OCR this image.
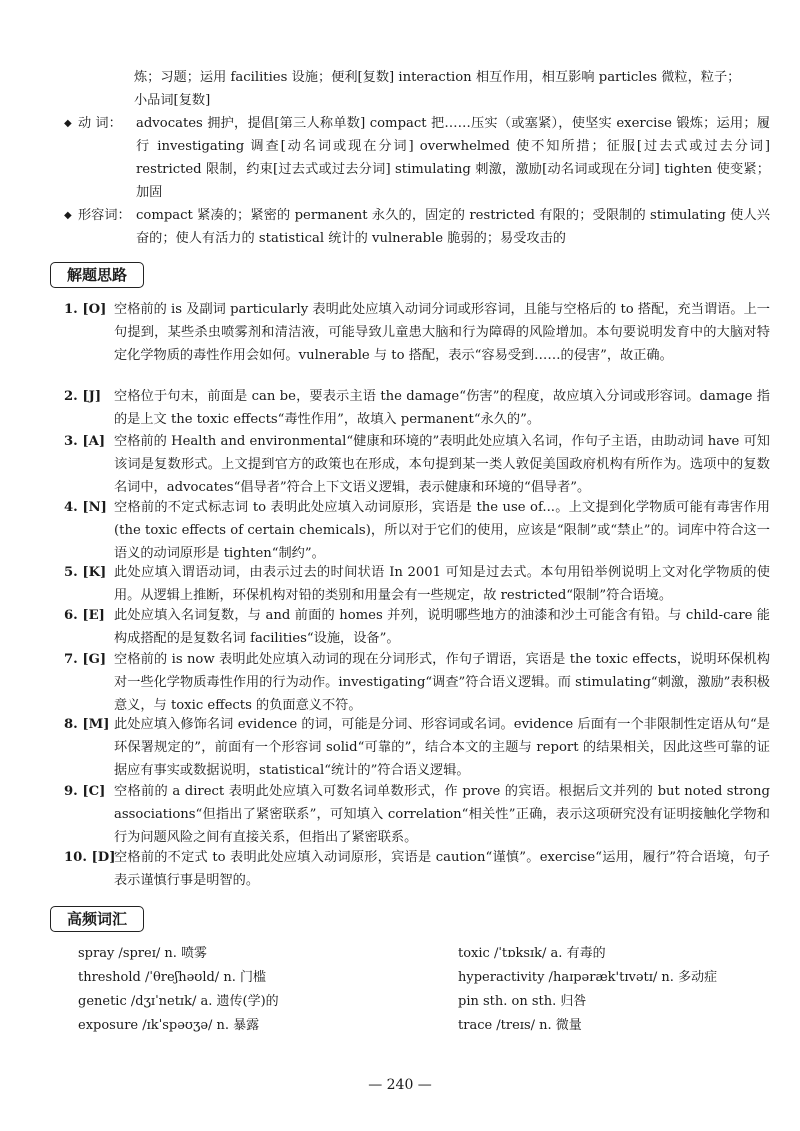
炼；习题；运用 facilities 设施；便利[复数] interaction 相互作用，相互影响 particles 微粒，粒子；
小品词[复数]
◆ 动 词： advocates 拥护，提倡[第三人称单数] compact 把……压实（或塞紧），使坚实 exercise 锻炼；运用；履行 investigating 调查[动名词或现在分词] overwhelmed 使不知所措；征服[过去式或过去分词] restricted 限制，约束[过去式或过去分词] stimulating 刺激，激励[动名词或现在分词] tighten 使变紧；加固
◆ 形容词： compact 紧凑的；紧密的 permanent 永久的，固定的 restricted 有限的；受限制的 stimulating 使人兴奋的；使人有活力的 statistical 统计的 vulnerable 脆弱的；易受攻击的
解题思路
1. [O] 空格前的 is 及副词 particularly 表明此处应填入动词分词或形容词，且能与空格后的 to 搭配，充当谓语。上一句提到，某些杀虫喷雾剂和清洁液，可能导致儿童患大脑和行为障碍的风险增加。本句要说明发育中的大脑对特定化学物质的毒性作用会如何。vulnerable 与 to 搭配，表示“容易受到……的侵害”，故正确。
2. [J] 空格位于句末，前面是 can be，要表示主语 the damage“伤害”的程度，故应填入分词或形容词。damage 指的是上文 the toxic effects“毒性作用”，故填入 permanent“永久的”。
3. [A] 空格前的 Health and environmental“健康和环境的”表明此处应填入名词，作句子主语，由助动词 have 可知该词是复数形式。上文提到官方的政策也在形成，本句提到某一类人敦促美国政府机构有所作为。选项中的复数名词中，advocates“倡导者”符合上下文语义逻辑，表示健康和环境的“倡导者”。
4. [N] 空格前的不定式标志词 to 表明此处应填入动词原形，宾语是 the use of...。上文提到化学物质可能有毒害作用(the toxic effects of certain chemicals)，所以对于它们的使用，应该是“限制”或“禁止”的。词库中符合这一语义的动词原形是 tighten“制约”。
5. [K] 此处应填入谓语动词，由表示过去的时间状语 In 2001 可知是过去式。本句用铅举例说明上文对化学物质的使用。从逻辑上推断，环保机构对铅的类别和用量会有一些规定，故 restricted“限制”符合语境。
6. [E] 此处应填入名词复数，与 and 前面的 homes 并列，说明哪些地方的油漆和沙土可能含有铅。与 child-care 能构成搭配的是复数名词 facilities“设施，设备”。
7. [G] 空格前的 is now 表明此处应填入动词的现在分词形式，作句子谓语，宾语是 the toxic effects，说明环保机构对一些化学物质毒性作用的行为动作。investigating“调查”符合语义逻辑。而 stimulating“刺激，激励”表积极意义，与 toxic effects 的负面意义不符。
8. [M] 此处应填入修饰名词 evidence 的词，可能是分词、形容词或名词。evidence 后面有一个非限制性定语从句“是环保署规定的”，前面有一个形容词 solid“可靠的”，结合本文的主题与 report 的结果相关，因此这些可靠的证据应有事实或数据说明，statistical“统计的”符合语义逻辑。
9. [C] 空格前的 a direct 表明此处应填入可数名词单数形式，作 prove 的宾语。根据后文并列的 but noted strong associations“但指出了紧密联系”，可知填入 correlation“相关性”正确，表示这项研究没有证明接触化学物和行为问题风险之间有直接关系，但指出了紧密联系。
10. [D]
空格前的不定式 to 表明此处应填入动词原形，宾语是 caution“谨慎”。exercise“运用，履行”符合语境，句子表示谨慎行事是明智的。
高频词汇
spray /spreɪ/ n. 喷雾
threshold /ˈθreʃhəʊld/ n. 门槛
genetic /dʒɪˈnetɪk/ a. 遗传(学)的
exposure /ɪkˈspəʊʒə/ n. 暴露
toxic /ˈtɒksɪk/ a. 有毒的
hyperactivity /haɪpəræk'tɪvətɪ/ n. 多动症
pin sth. on sth. 归咎
trace /treɪs/ n. 微量
— 240 —
